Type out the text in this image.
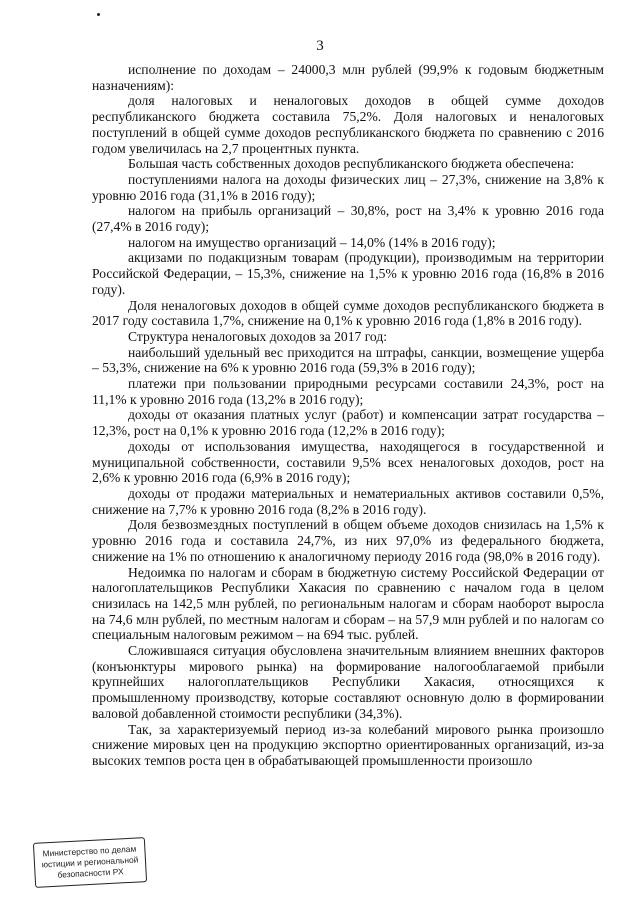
3

исполнение по доходам – 24000,3 млн рублей (99,9% к годовым бюджетным назначениям):

доля налоговых и неналоговых доходов в общей сумме доходов республиканского бюджета составила 75,2%. Доля налоговых и неналоговых поступлений в общей сумме доходов республиканского бюджета по сравнению с 2016 годом увеличилась на 2,7 процентных пункта.

Большая часть собственных доходов республиканского бюджета обеспечена:

поступлениями налога на доходы физических лиц – 27,3%, снижение на 3,8% к уровню 2016 года (31,1% в 2016 году);

налогом на прибыль организаций – 30,8%, рост на 3,4% к уровню 2016 года (27,4% в 2016 году);

налогом на имущество организаций – 14,0% (14% в 2016 году);

акцизами по подакцизным товарам (продукции), производимым на территории Российской Федерации, – 15,3%, снижение на 1,5% к уровню 2016 года (16,8% в 2016 году).

Доля неналоговых доходов в общей сумме доходов республиканского бюджета в 2017 году составила 1,7%, снижение на 0,1% к уровню 2016 года (1,8% в 2016 году).

Структура неналоговых доходов за 2017 год:

наибольший удельный вес приходится на штрафы, санкции, возмещение ущерба – 53,3%, снижение на 6% к уровню 2016 года (59,3% в 2016 году);

платежи при пользовании природными ресурсами составили 24,3%, рост на 11,1% к уровню 2016 года (13,2% в 2016 году);

доходы от оказания платных услуг (работ) и компенсации затрат государства – 12,3%, рост на 0,1% к уровню 2016 года (12,2% в 2016 году);

доходы от использования имущества, находящегося в государственной и муниципальной собственности, составили 9,5% всех неналоговых доходов, рост на 2,6% к уровню 2016 года (6,9% в 2016 году);

доходы от продажи материальных и нематериальных активов составили 0,5%, снижение на 7,7% к уровню 2016 года (8,2% в 2016 году).

Доля безвозмездных поступлений в общем объеме доходов снизилась на 1,5% к уровню 2016 года и составила 24,7%, из них 97,0% из федерального бюджета, снижение на 1% по отношению к аналогичному периоду 2016 года (98,0% в 2016 году).

Недоимка по налогам и сборам в бюджетную систему Российской Федерации от налогоплательщиков Республики Хакасия по сравнению с началом года в целом снизилась на 142,5 млн рублей, по региональным налогам и сборам наоборот выросла на 74,6 млн рублей, по местным налогам и сборам – на 57,9 млн рублей и по налогам со специальным налоговым режимом – на 694 тыс. рублей.

Сложившаяся ситуация обусловлена значительным влиянием внешних факторов (конъюнктуры мирового рынка) на формирование налогооблагаемой прибыли крупнейших налогоплательщиков Республики Хакасия, относящихся к промышленному производству, которые составляют основную долю в формировании валовой добавленной стоимости республики (34,3%).

Так, за характеризуемый период из-за колебаний мирового рынка произошло снижение мировых цен на продукцию экспортно ориентированных организаций, из-за высоких темпов роста цен в обрабатывающей промышленности произошло

Министерство по делам
юстиции и региональной
безопасности РХ
